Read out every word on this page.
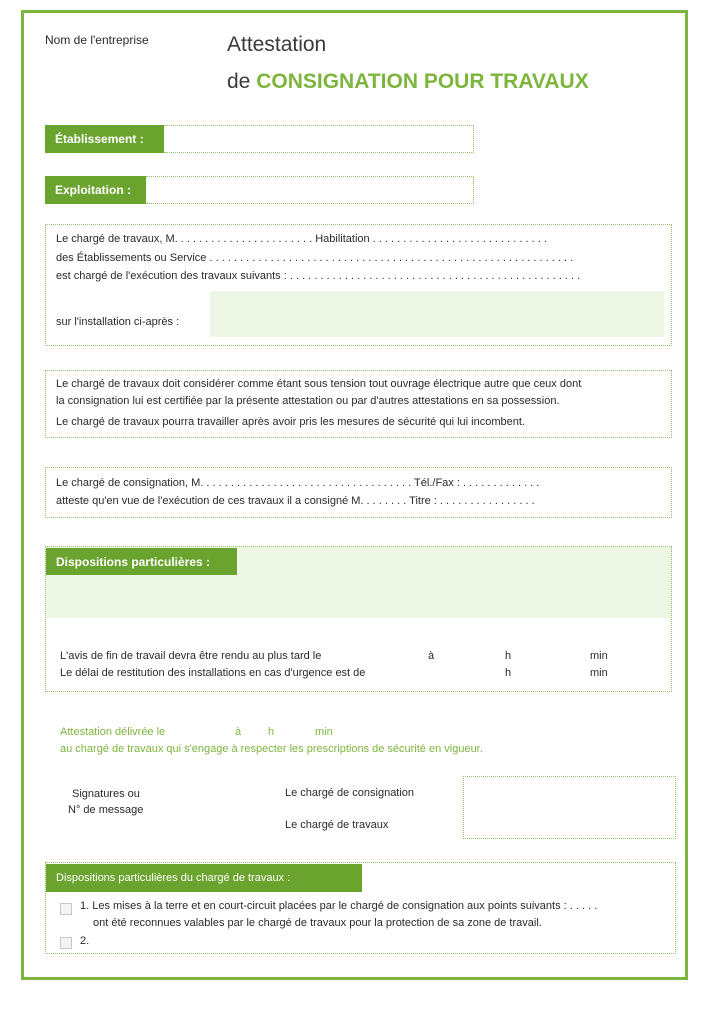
Nom de l'entreprise	Attestation
de CONSIGNATION POUR TRAVAUX
Établissement :
Exploitation :
Le chargé de travaux, M. . . . . . . . . . . . . . . . . . . . . . . Habilitation . . . . . . . . . . . . . . . . . . . . . . . . . . . . .
des Établissements ou Service . . . . . . . . . . . . . . . . . . . . . . . . . . . . . . . . . . . . . . . . . . . . . . . . . . . . . . . . . . . .
est chargé de l'exécution des travaux suivants : . . . . . . . . . . . . . . . . . . . . . . . . . . . . . . . . . . . . . . . . . . . . . . . .
sur l'installation ci-après :
Le chargé de travaux doit considérer comme étant sous tension tout ouvrage électrique autre que ceux dont
la consignation lui est certifiée par la présente attestation ou par d'autres attestations en sa possession.
Le chargé de travaux pourra travailler après avoir pris les mesures de sécurité qui lui incombent.
Le chargé de consignation, M. . . . . . . . . . . . . . . . . . . . . . . . . . . . . . . . . . . Tél./Fax : . . . . . . . . . . . . .
atteste qu'en vue de l'exécution de ces travaux il a consigné M. . . . . . . . Titre : . . . . . . . . . . . . . . . .
Dispositions particulières :
L'avis de fin de travail devra être rendu au plus tard le	à	h	min
Le délai de restitution des installations en cas d'urgence est de	h	min
Attestation délivrée le	à h	min
au chargé de travaux qui s'engage à respecter les prescriptions de sécurité en vigueur.
Signatures ou
N° de message
Le chargé de consignation
Le chargé de travaux
Dispositions particulières du chargé de travaux :
1. Les mises à la terre et en court-circuit placées par le chargé de consignation aux points suivants : . . . . .
ont été reconnues valables par le chargé de travaux pour la protection de sa zone de travail.
2.
